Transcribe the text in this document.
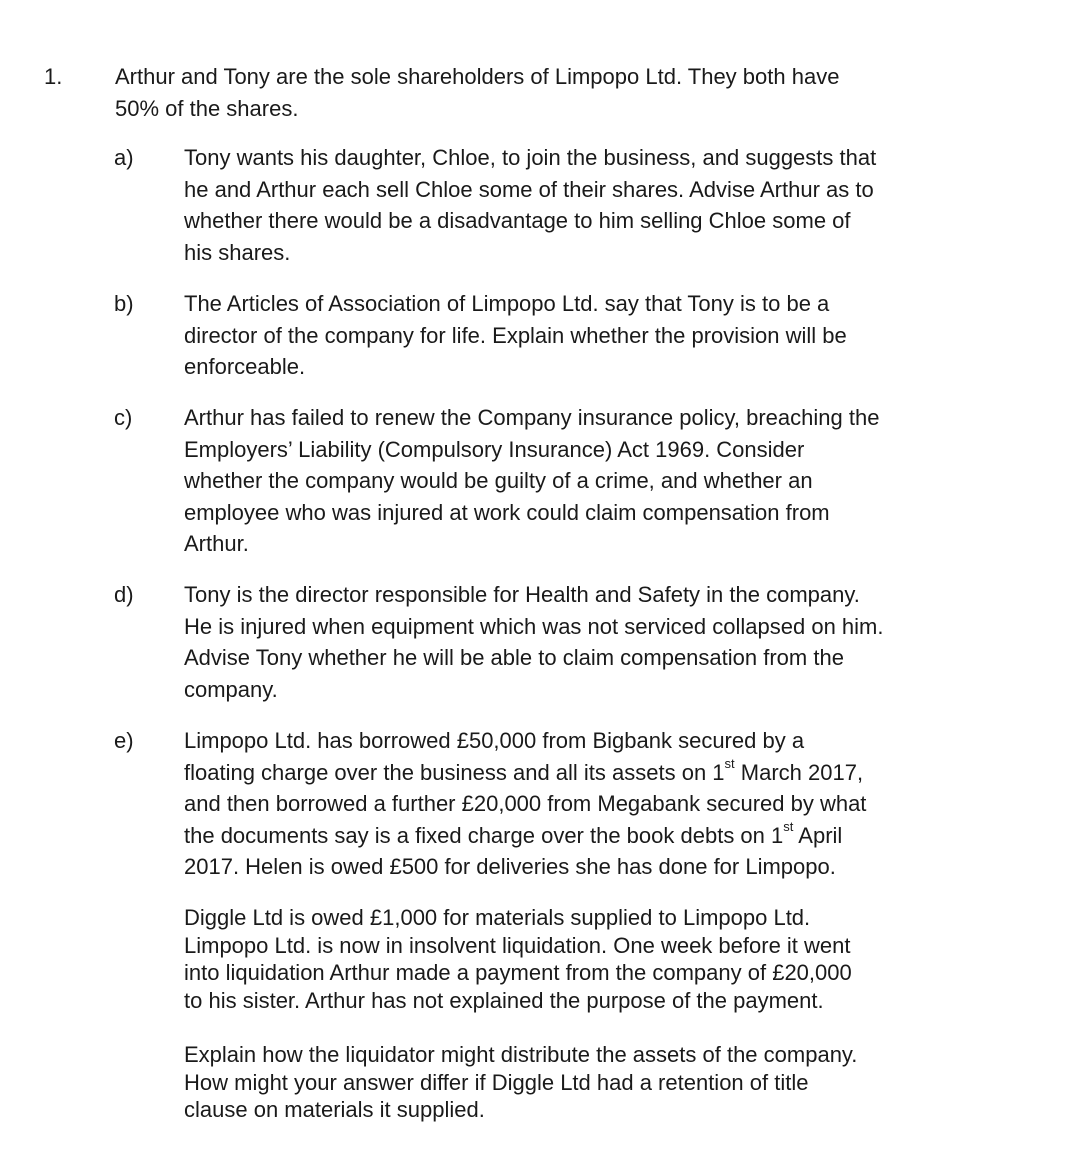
1. Arthur and Tony are the sole shareholders of Limpopo Ltd. They both have
50% of the shares.
a) Tony wants his daughter, Chloe, to join the business, and suggests that
he and Arthur each sell Chloe some of their shares. Advise Arthur as to
whether there would be a disadvantage to him selling Chloe some of
his shares.
b) The Articles of Association of Limpopo Ltd. say that Tony is to be a
director of the company for life. Explain whether the provision will be
enforceable.
c) Arthur has failed to renew the Company insurance policy, breaching the
Employers’ Liability (Compulsory Insurance) Act 1969. Consider
whether the company would be guilty of a crime, and whether an
employee who was injured at work could claim compensation from
Arthur.
d) Tony is the director responsible for Health and Safety in the company.
He is injured when equipment which was not serviced collapsed on him.
Advise Tony whether he will be able to claim compensation from the
company.
e) Limpopo Ltd. has borrowed £50,000 from Bigbank secured by a
floating charge over the business and all its assets on 1st March 2017,
and then borrowed a further £20,000 from Megabank secured by what
the documents say is a fixed charge over the book debts on 1st April
2017. Helen is owed £500 for deliveries she has done for Limpopo.
Diggle Ltd is owed £1,000 for materials supplied to Limpopo Ltd.
Limpopo Ltd. is now in insolvent liquidation. One week before it went
into liquidation Arthur made a payment from the company of £20,000
to his sister. Arthur has not explained the purpose of the payment.
Explain how the liquidator might distribute the assets of the company.
How might your answer differ if Diggle Ltd had a retention of title
clause on materials it supplied.
